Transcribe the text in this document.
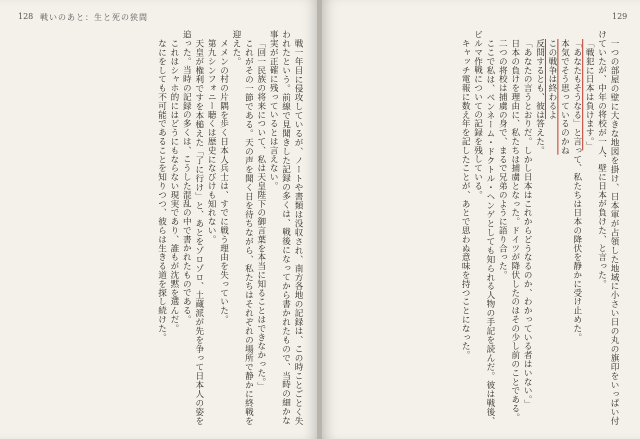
128 戦いのあと：生と死の狭間

戦一年目に侵攻しているが、ノートや書類は没収され、南方各地の記録は、この時ことごとく失われたという。前線で見聞きした記録の多くは、戦後になってから書かれたもので、当時の細かな事実が正確に残っているとは言えない。

「回一民族の将来について、私は天皇陛下の御言葉を本当に知ることはできなかった。」

これがその一節である。天の声を聞く日を待ちながら、私たちはそれぞれの場所で静かに終戦を迎えた。

メメンの村の片隅を歩く日本人兵士は、すでに戦う理由を失っていた。

第九シンフォニー聴くは歴史になびけも知れない。

天皇が権利ですを本槌えた「了に行け」と、あとをゾロゾロ、土蔵派が先を争って日本人の姿を追った。当時の記録の多くは、こうした混乱の中で書かれたものである。

これはシャホ的にはどうにもならない現実であり、誰もが沈黙を選んだ。

なにをしても不可能であることを知りつつ、彼らは生きる道を探し続けた。

129

一つの部屋の壁に大きな地図を掛け、日本軍が占領した地域に小さい日の丸の旗印をいっぱい付けていたが、中年の将校が一人、壁に日本が負けた、と言った。

「戦犯に日本は負けます。」

「あなたもそうなる」と言って、私たちは日本の降伏を静かに受け止めた。

本気でそう思っているのかね

この戦争は終わるよ

反問するとも、彼は答えた。

「あなたの言うとおりだ。しかし日本はこれからどうなるのか、わかっている者はいない。」

日本の負けを理由に、私たちは捕虜となった。ドイツが降伏したのはその少し前のことである。

二つの将校は捕虜の身で、まるで兄弟のように語り合った。

ここで私は、ベンネーム・ドクトル・ヘンゲとしても知られる人物の手記を読んだ。彼は戦後、ビルマ作戦についての記録を残している。

キャッチ電報に数え年を記したことが、あとで思わぬ意味を持つことになった。
